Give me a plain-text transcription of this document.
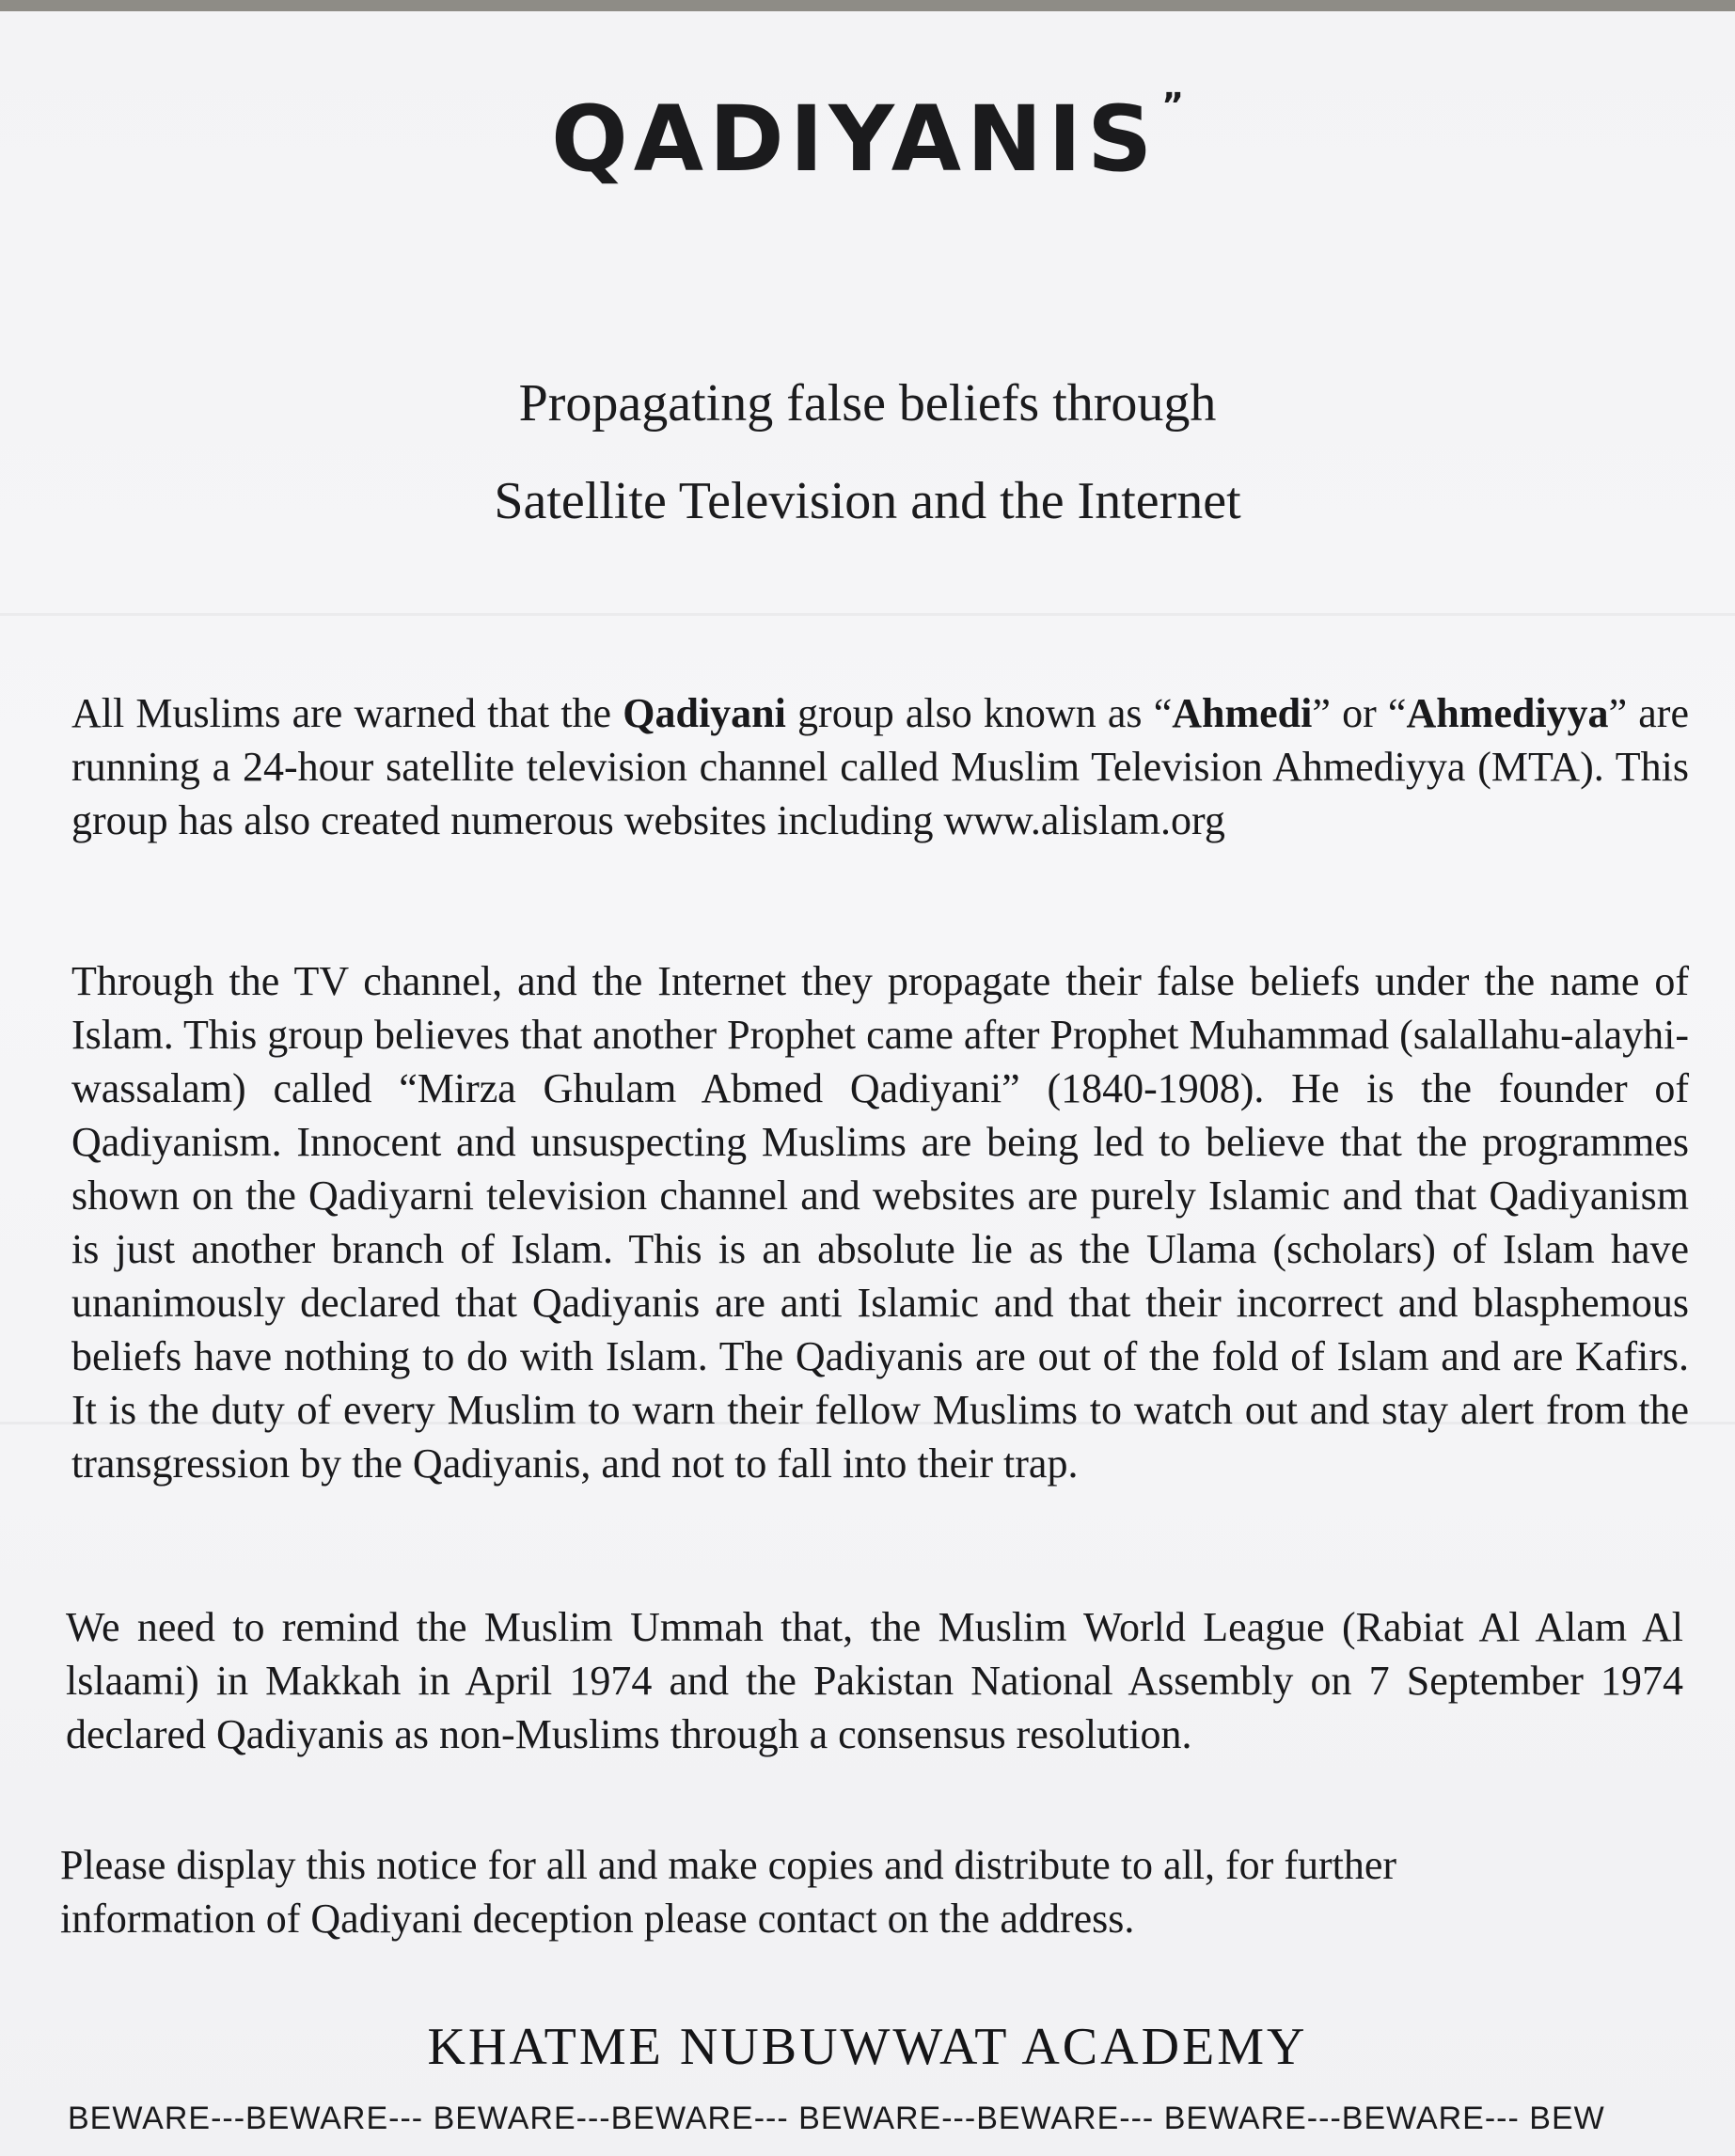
QADIYANIS ”
Propagating false beliefs through
Satellite Television and the Internet
All Muslims are warned that the Qadiyani group also known as “Ahmedi” or “Ahmediyya” are running a 24-hour satellite television channel called Muslim Television Ahmediyya (MTA). This group has also created numerous websites including www.alislam.org
Through the TV channel, and the Internet they propagate their false beliefs under the name of Islam. This group believes that another Prophet came after Prophet Muhammad (salallahu-alayhi-wassalam) called “Mirza Ghulam Abmed Qadiyani” (1840-1908). He is the founder of Qadiyanism. Innocent and unsuspecting Muslims are being led to believe that the programmes shown on the Qadiyarni television channel and websites are purely Islamic and that Qadiyanism is just another branch of Islam. This is an absolute lie as the Ulama (scholars) of Islam have unanimously declared that Qadiyanis are anti Islamic and that their incorrect and blasphemous beliefs have nothing to do with Islam. The Qadiyanis are out of the fold of Islam and are Kafirs. It is the duty of every Muslim to warn their fellow Muslims to watch out and stay alert from the transgression by the Qadiyanis, and not to fall into their trap.
We need to remind the Muslim Ummah that, the Muslim World League (Rabiat Al Alam Al lslaami) in Makkah in April 1974 and the Pakistan National Assembly on 7 September 1974 declared Qadiyanis as non-Muslims through a consensus resolution.
Please display this notice for all and make copies and distribute to all, for further information of Qadiyani deception please contact on the address.
KHATME NUBUWWAT ACADEMY
BEWARE---BEWARE--- BEWARE---BEWARE--- BEWARE---BEWARE--- BEWARE---BEWARE--- BEW
